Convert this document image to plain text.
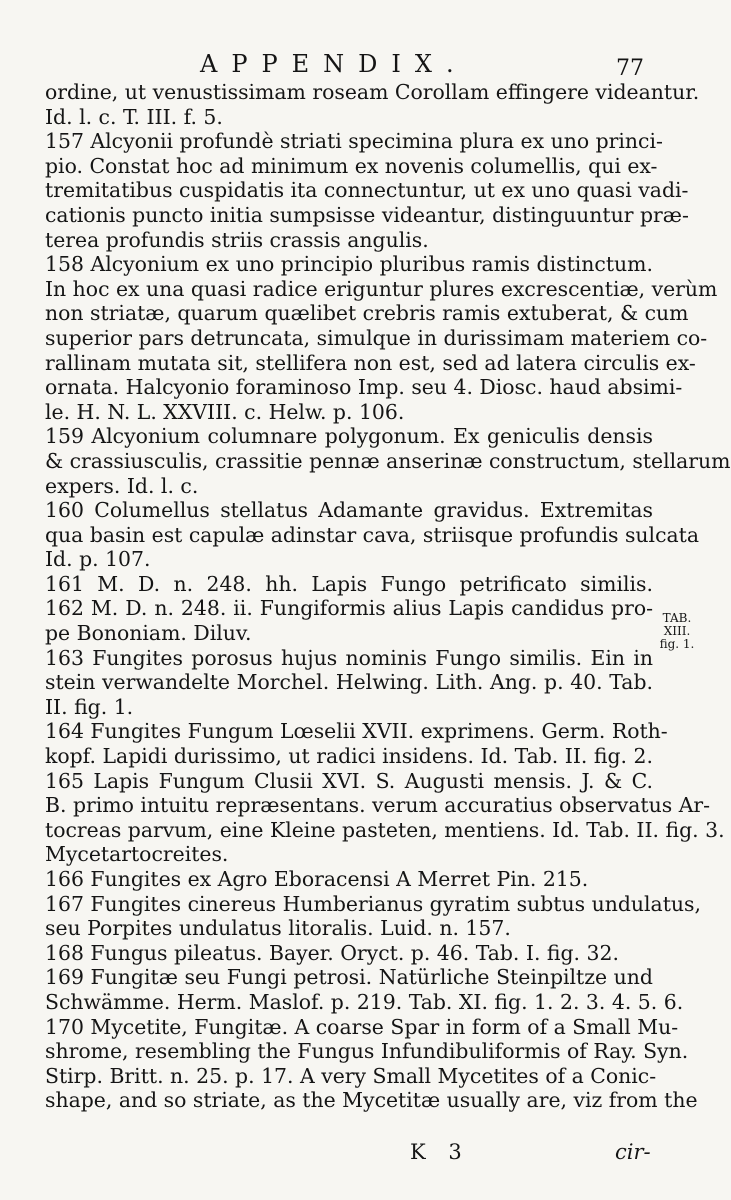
APPENDIX.	77
ordine, ut venustissimam roseam Corollam effingere videantur.
Id. l. c. T. III. f. 5.
157 Alcyonii profundè striati specimina plura ex uno princi-
pio. Constat hoc ad minimum ex novenis columellis, qui ex-
tremitatibus cuspidatis ita connectuntur, ut ex uno quasi vadi-
cationis puncto initia sumpsisse videantur, distinguuntur præ-
terea profundis striis crassis angulis.
158 Alcyonium ex uno principio pluribus ramis distinctum.
In hoc ex una quasi radice eriguntur plures excrescentiæ, verùm
non striatæ, quarum quælibet crebris ramis extuberat, & cum
superior pars detruncata, simulque in durissimam materiem co-
rallinam mutata sit, stellifera non est, sed ad latera circulis ex-
ornata. Halcyonio foraminoso Imp. seu 4. Diosc. haud absimi-
le. H. N. L. XXVIII. c. Helw. p. 106.
159 Alcyonium columnare polygonum. Ex geniculis densis
& crassiusculis, crassitie pennæ anserinæ constructum, stellarum
expers. Id. l. c.
160 Columellus stellatus Adamante gravidus. Extremitas
qua basin est capulæ adinstar cava, striisque profundis sulcata
Id. p. 107.
161 M. D. n. 248. hh. Lapis Fungo petrificato similis.
162 M. D. n. 248. ii. Fungiformis alius Lapis candidus pro-
pe Bononiam. Diluv.
163 Fungites porosus hujus nominis Fungo similis. Ein in
stein verwandelte Morchel. Helwing. Lith. Ang. p. 40. Tab.
II. fig. 1.
164 Fungites Fungum Lœselii XVII. exprimens. Germ. Roth-
kopf. Lapidi durissimo, ut radici insidens. Id. Tab. II. fig. 2.
165 Lapis Fungum Clusii XVI. S. Augusti mensis. J. & C.
B. primo intuitu repræsentans. verum accuratius observatus Ar-
tocreas parvum, eine Kleine pasteten, mentiens. Id. Tab. II. fig. 3.
Mycetartocreites.
166 Fungites ex Agro Eboracensi A Merret Pin. 215.
167 Fungites cinereus Humberianus gyratim subtus undulatus,
seu Porpites undulatus litoralis. Luid. n. 157.
168 Fungus pileatus. Bayer. Oryct. p. 46. Tab. I. fig. 32.
169 Fungitæ seu Fungi petrosi. Natürliche Steinpiltze und
Schwämme. Herm. Maslof. p. 219. Tab. XI. fig. 1. 2. 3. 4. 5. 6.
170 Mycetite, Fungitæ. A coarse Spar in form of a Small Mu-
shrome, resembling the Fungus Infundibuliformis of Ray. Syn.
Stirp. Britt. n. 25. p. 17. A very Small Mycetites of a Conic-
shape, and so striate, as the Mycetitæ usually are, viz from the
TAB.
XIII.
fig. 1.
K 3	cir-
